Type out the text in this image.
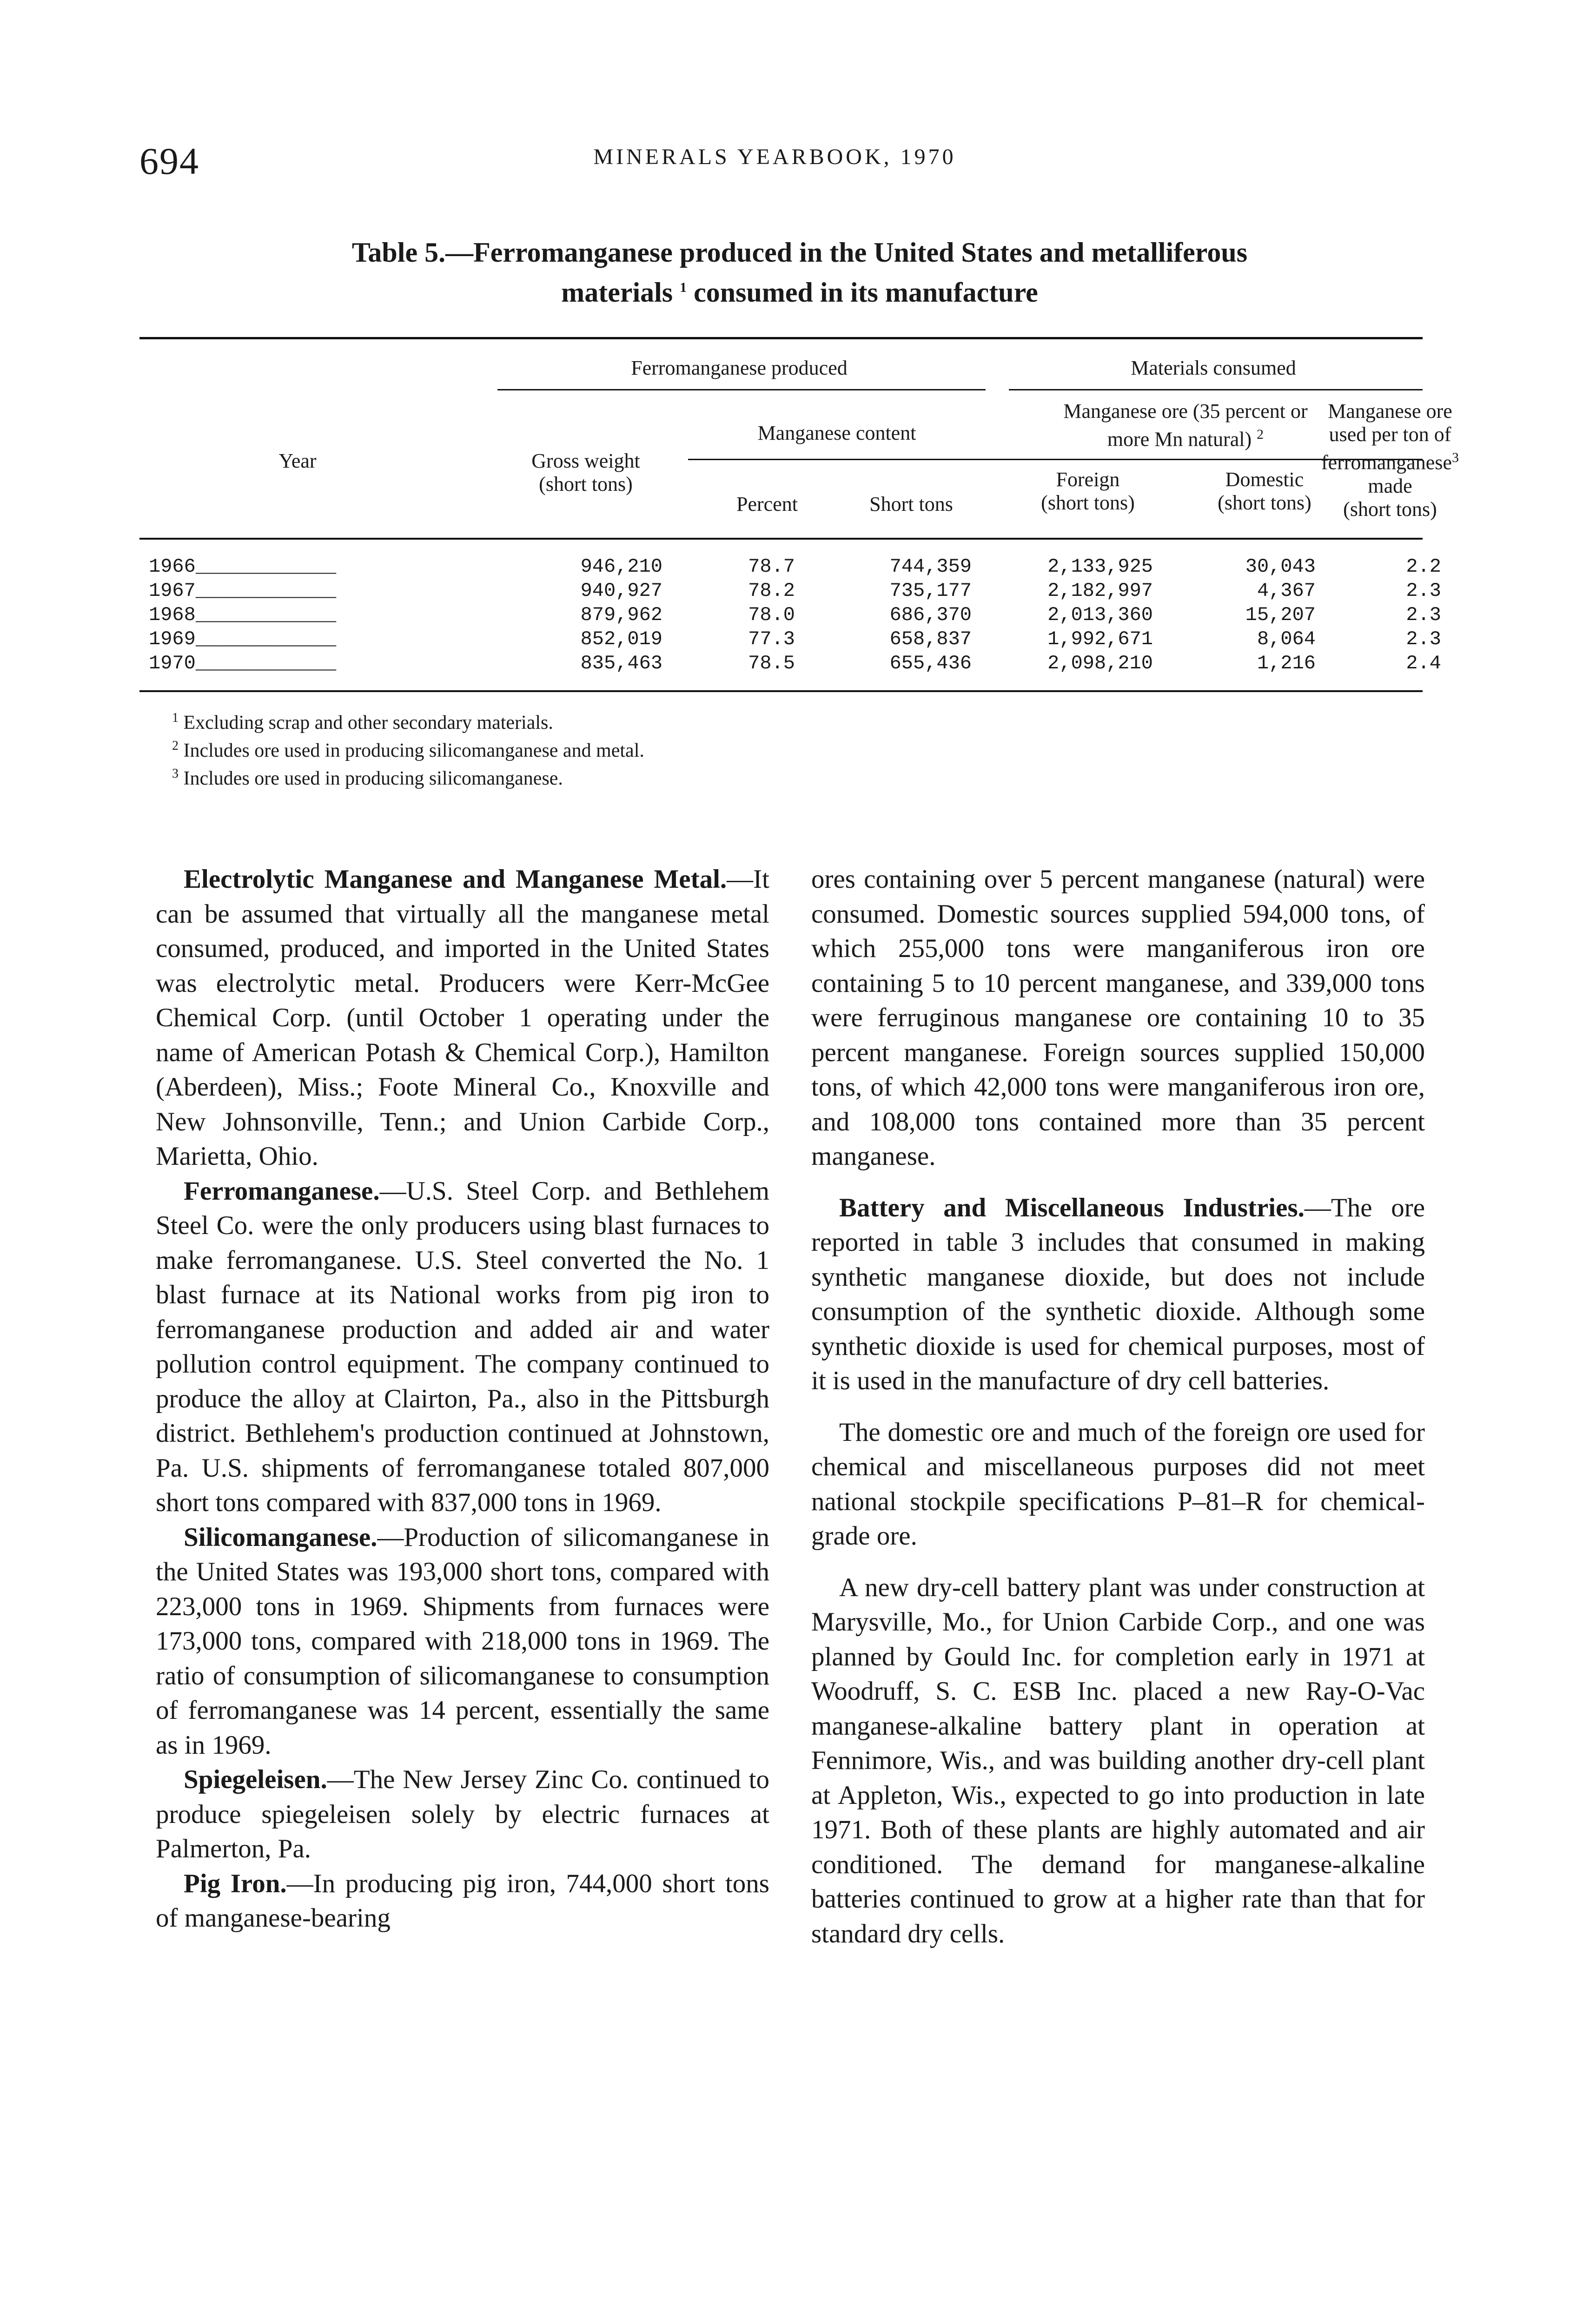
694	MINERALS YEARBOOK, 1970
Table 5.—Ferromanganese produced in the United States and metalliferous
materials $^1$ consumed in its manufacture
Ferromanganese produced	Materials consumed
Year	Gross weight
(short tons)
Manganese content
Manganese ore (35 percent or
more Mn natural) $^2$
Manganese ore
used per ton of
ferromanganese$^3$
made
(short tons)
Percent	Short tons
Foreign
(short tons)
Domestic
(short tons)
1966____________	946,210	78.7	744,359	2,133,925	30,043	2.2
1967____________	940,927	78.2	735,177	2,182,997	4,367	2.3
1968____________	879,962	78.0	686,370	2,013,360	15,207	2.3
1969____________	852,019	77.3	658,837	1,992,671	8,064	2.3
1970____________	835,463	78.5	655,436	2,098,210	1,216	2.4
$^1$ Excluding scrap and other secondary materials.
$^2$ Includes ore used in producing silicomanganese and metal.
$^3$ Includes ore used in producing silicomanganese.

Electrolytic Manganese and Manganese Metal.—It can be assumed that virtually all the manganese metal consumed, produced, and imported in the United States was electrolytic metal. Producers were Kerr-McGee Chemical Corp. (until October 1 operating under the name of American Potash & Chemical Corp.), Hamilton (Aberdeen), Miss.; Foote Mineral Co., Knoxville and New Johnsonville, Tenn.; and Union Carbide Corp., Marietta, Ohio.

Ferromanganese.—U.S. Steel Corp. and Bethlehem Steel Co. were the only producers using blast furnaces to make ferromanganese. U.S. Steel converted the No. 1 blast furnace at its National works from pig iron to ferromanganese production and added air and water pollution control equipment. The company continued to produce the alloy at Clairton, Pa., also in the Pittsburgh district. Bethlehem's production continued at Johnstown, Pa. U.S. shipments of ferromanganese totaled 807,000 short tons compared with 837,000 tons in 1969.

Silicomanganese.—Production of silicomanganese in the United States was 193,000 short tons, compared with 223,000 tons in 1969. Shipments from furnaces were 173,000 tons, compared with 218,000 tons in 1969. The ratio of consumption of silicomanganese to consumption of ferromanganese was 14 percent, essentially the same as in 1969.

Spiegeleisen.—The New Jersey Zinc Co. continued to produce spiegeleisen solely by electric furnaces at Palmerton, Pa.

Pig Iron.—In producing pig iron, 744,000 short tons of manganese-bearing

ores containing over 5 percent manganese (natural) were consumed. Domestic sources supplied 594,000 tons, of which 255,000 tons were manganiferous iron ore containing 5 to 10 percent manganese, and 339,000 tons were ferruginous manganese ore containing 10 to 35 percent manganese. Foreign sources supplied 150,000 tons, of which 42,000 tons were manganiferous iron ore, and 108,000 tons contained more than 35 percent manganese.

Battery and Miscellaneous Industries.—The ore reported in table 3 includes that consumed in making synthetic manganese dioxide, but does not include consumption of the synthetic dioxide. Although some synthetic dioxide is used for chemical purposes, most of it is used in the manufacture of dry cell batteries.

The domestic ore and much of the foreign ore used for chemical and miscellaneous purposes did not meet national stockpile specifications P–81–R for chemical-grade ore.

A new dry-cell battery plant was under construction at Marysville, Mo., for Union Carbide Corp., and one was planned by Gould Inc. for completion early in 1971 at Woodruff, S. C. ESB Inc. placed a new Ray-O-Vac manganese-alkaline battery plant in operation at Fennimore, Wis., and was building another dry-cell plant at Appleton, Wis., expected to go into production in late 1971. Both of these plants are highly automated and air conditioned. The demand for manganese-alkaline batteries continued to grow at a higher rate than that for standard dry cells.
